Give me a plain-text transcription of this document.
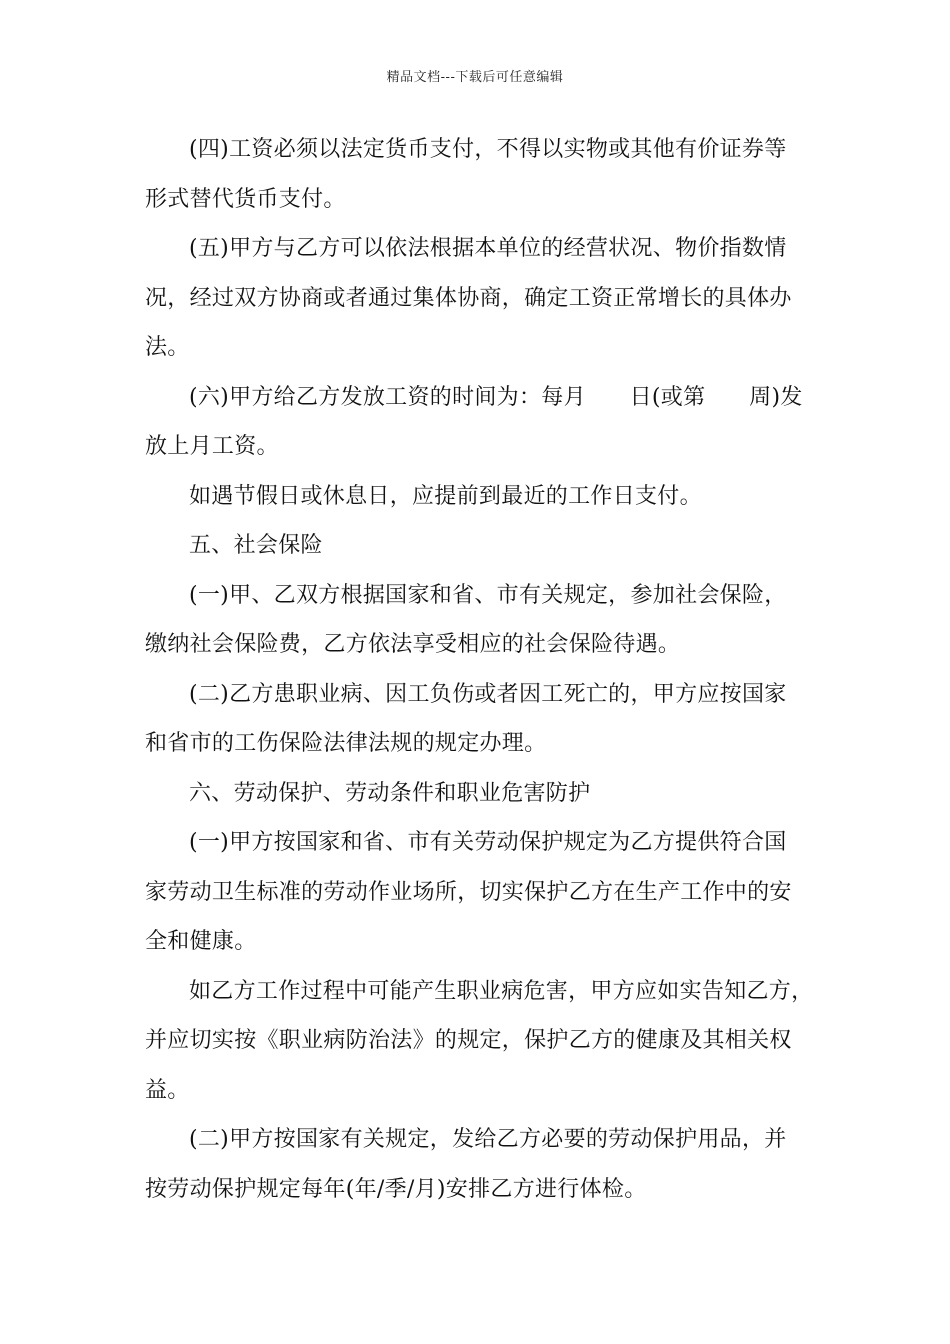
精品文档---下载后可任意编辑
(四)工资必须以法定货币支付，不得以实物或其他有价证券等
形式替代货币支付。
(五)甲方与乙方可以依法根据本单位的经营状况、物价指数情
况，经过双方协商或者通过集体协商，确定工资正常增长的具体办
法。
(六)甲方给乙方发放工资的时间为：每月      日(或第      周)发
放上月工资。
如遇节假日或休息日，应提前到最近的工作日支付。
五、社会保险
(一)甲、乙双方根据国家和省、市有关规定，参加社会保险，
缴纳社会保险费，乙方依法享受相应的社会保险待遇。
(二)乙方患职业病、因工负伤或者因工死亡的，甲方应按国家
和省市的工伤保险法律法规的规定办理。
六、劳动保护、劳动条件和职业危害防护
(一)甲方按国家和省、市有关劳动保护规定为乙方提供符合国
家劳动卫生标准的劳动作业场所，切实保护乙方在生产工作中的安
全和健康。
如乙方工作过程中可能产生职业病危害，甲方应如实告知乙方，
并应切实按《职业病防治法》的规定，保护乙方的健康及其相关权
益。
(二)甲方按国家有关规定，发给乙方必要的劳动保护用品，并
按劳动保护规定每年(年/季/月)安排乙方进行体检。
